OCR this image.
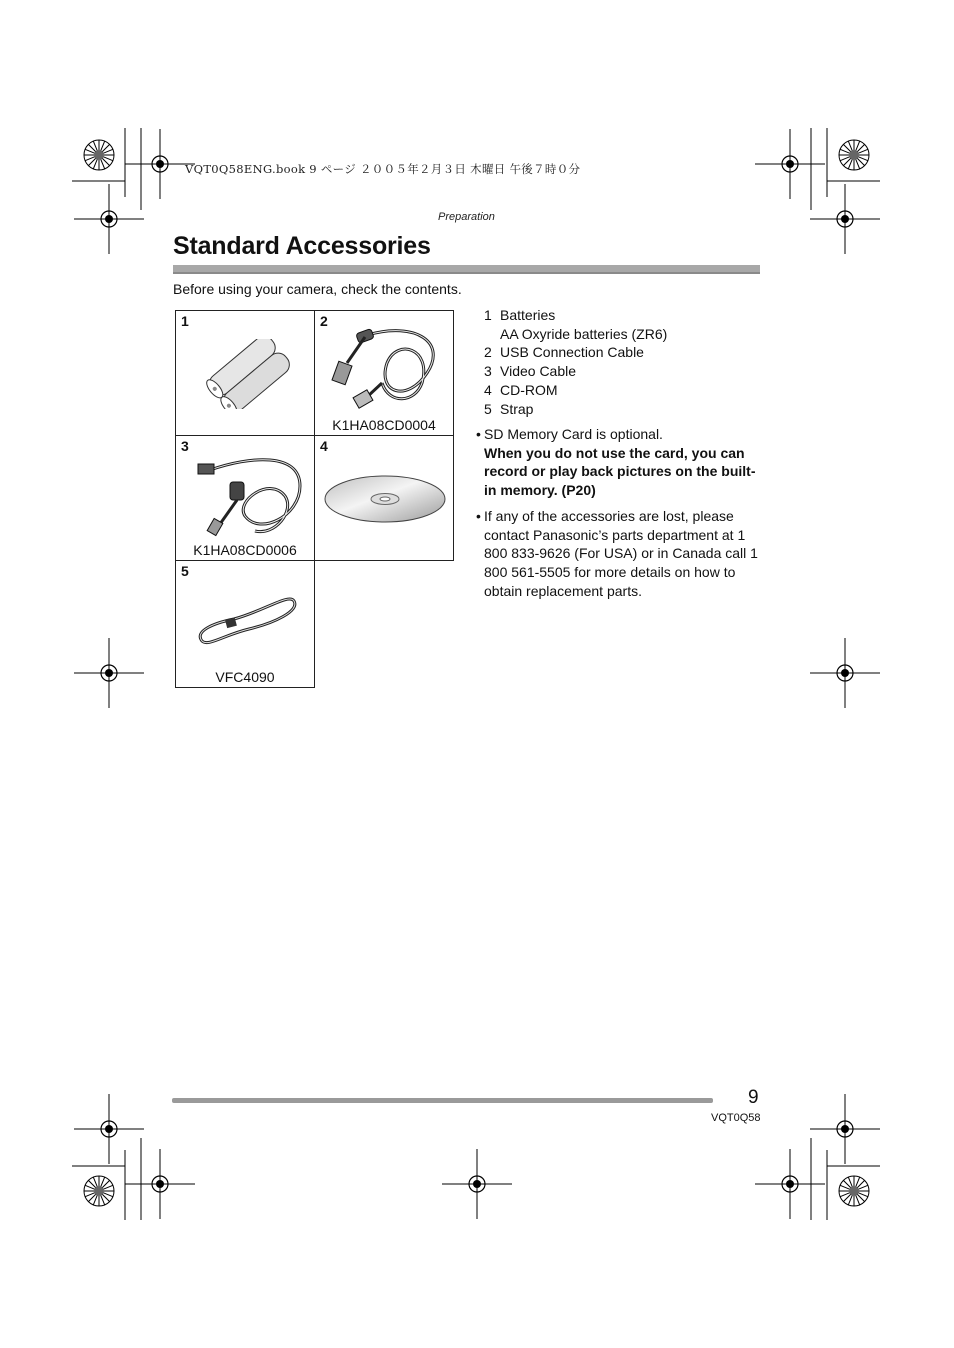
VQT0Q58ENG.book 9 ページ ２００５年２月３日 木曜日 午後７時０分
Preparation
Standard Accessories
Before using your camera, check the contents.
1	2
K1HA08CD0004
3
K1HA08CD0006
4
5
VFC4090
1 Batteries
AA Oxyride batteries (ZR6)
2 USB Connection Cable
3 Video Cable
4 CD-ROM
5 Strap
• SD Memory Card is optional.
When you do not use the card, you can record or play back pictures on the built-in memory. (P20)
• If any of the accessories are lost, please contact Panasonic’s parts department at 1 800 833-9626 (For USA) or in Canada call 1 800 561-5505 for more details on how to obtain replacement parts.
9
VQT0Q58
